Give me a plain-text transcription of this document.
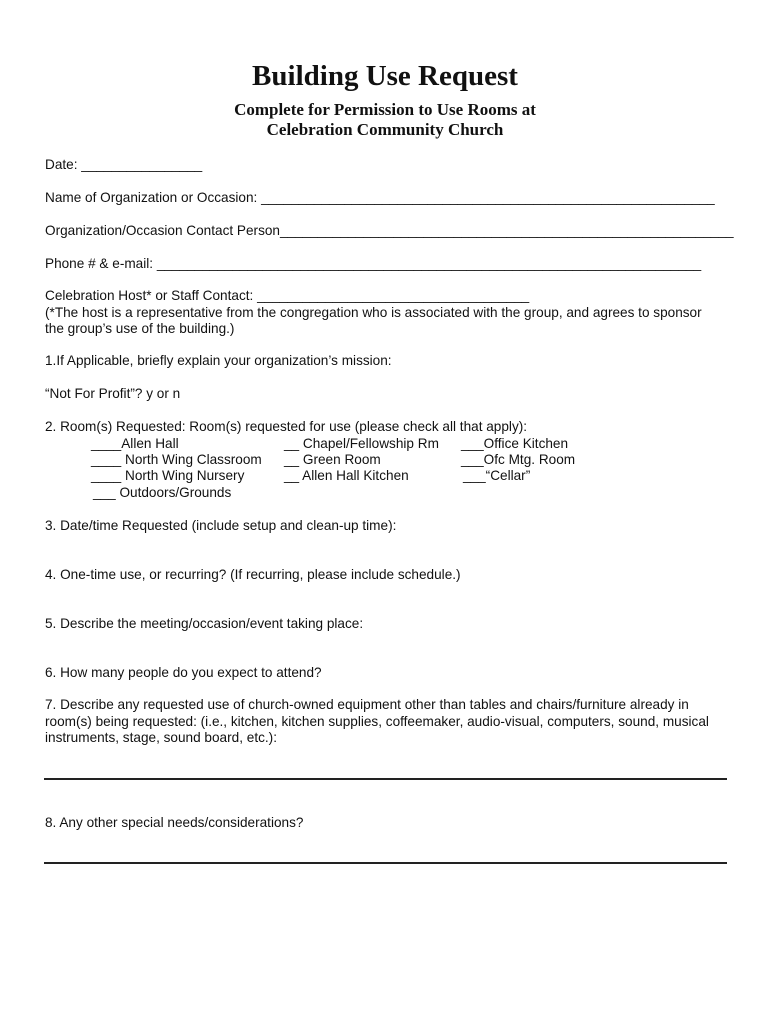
Building Use Request
Complete for Permission to Use Rooms at
Celebration Community Church
Date: ________________
Name of Organization or Occasion: ____________________________________________________________
Organization/Occasion Contact Person____________________________________________________________
Phone # & e-mail: ________________________________________________________________________
Celebration Host* or Staff Contact: ____________________________________
(*The host is a representative from the congregation who is associated with the group, and agrees to sponsor
the group’s use of the building.)
1.If Applicable, briefly explain your organization’s mission:
“Not For Profit”? y or n
2. Room(s) Requested: Room(s) requested for use (please check all that apply):
____Allen Hall
____ North Wing Classroom
____ North Wing Nursery
___ Outdoors/Grounds
__ Chapel/Fellowship Rm
__ Green Room
__ Allen Hall Kitchen
___Office Kitchen
___Ofc Mtg. Room
___“Cellar”
3. Date/time Requested (include setup and clean-up time):
4. One-time use, or recurring? (If recurring, please include schedule.)
5. Describe the meeting/occasion/event taking place:
6. How many people do you expect to attend?
7. Describe any requested use of church-owned equipment other than tables and chairs/furniture already in
room(s) being requested: (i.e., kitchen, kitchen supplies, coffeemaker, audio-visual, computers, sound, musical
instruments, stage, sound board, etc.):
8. Any other special needs/considerations?
